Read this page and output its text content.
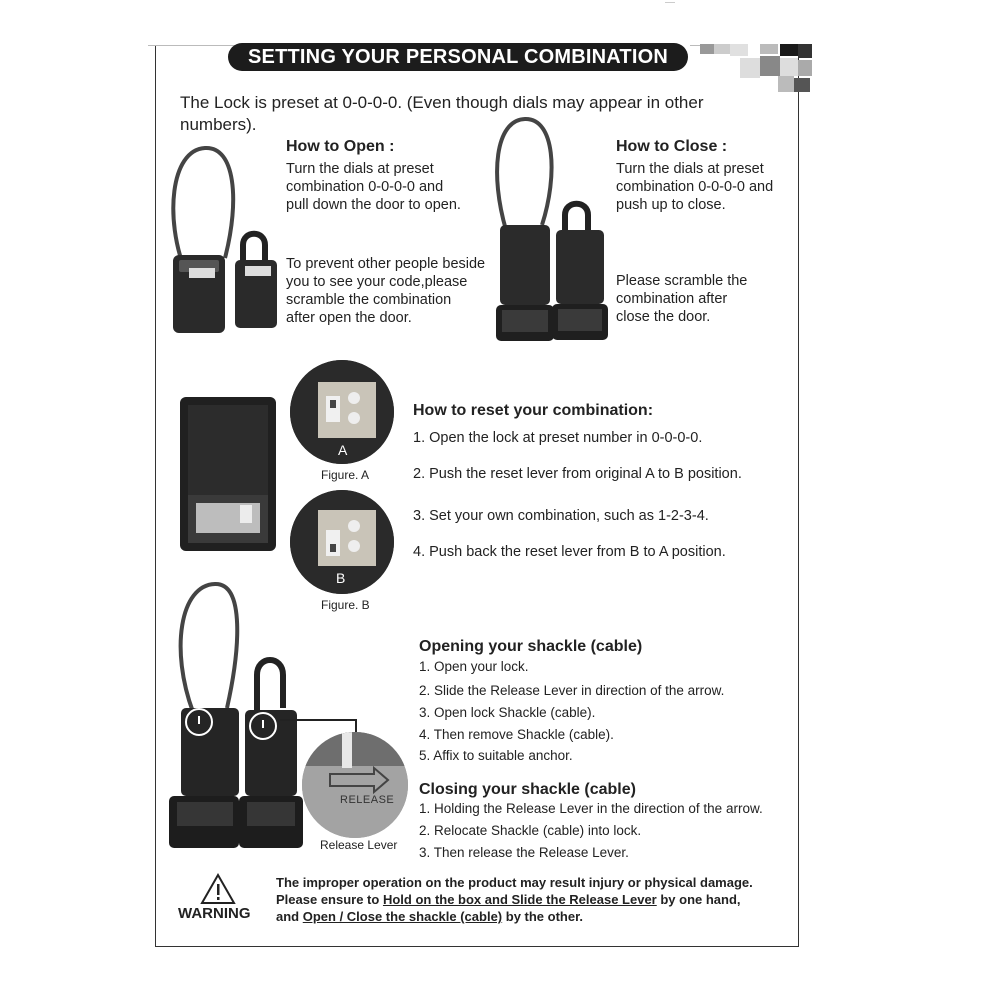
SETTING YOUR PERSONAL COMBINATION
The Lock is preset at 0-0-0-0. (Even though dials may appear in other numbers).
How to Open :
Turn the dials at preset
combination 0-0-0-0 and
pull down the door to open.
To prevent other people beside
you to see your code,please
scramble the combination
after open the door.
How to Close :
Turn the dials at preset
combination 0-0-0-0 and
push up to close.
Please scramble the
combination after
close the door.
A
Figure. A
B
Figure. B
How to reset your combination:
1. Open the lock at preset number in 0-0-0-0.
2. Push the reset lever from original A to B position.
3. Set your own combination, such as 1-2-3-4.
4. Push back the reset lever from B to A position.
RELEASE
Release Lever
Opening your shackle (cable)
1. Open your lock.
2. Slide the Release Lever in direction of the arrow.
3. Open lock Shackle (cable).
4. Then remove Shackle (cable).
5. Affix to suitable anchor.
Closing your shackle (cable)
1. Holding the Release Lever in the direction of the arrow.
2. Relocate Shackle (cable) into lock.
3. Then release the Release Lever.
WARNING
The improper operation on the product may result injury or physical damage.
Please ensure to Hold on the box and Slide the Release Lever by one hand,
and Open / Close the shackle (cable) by the other.
